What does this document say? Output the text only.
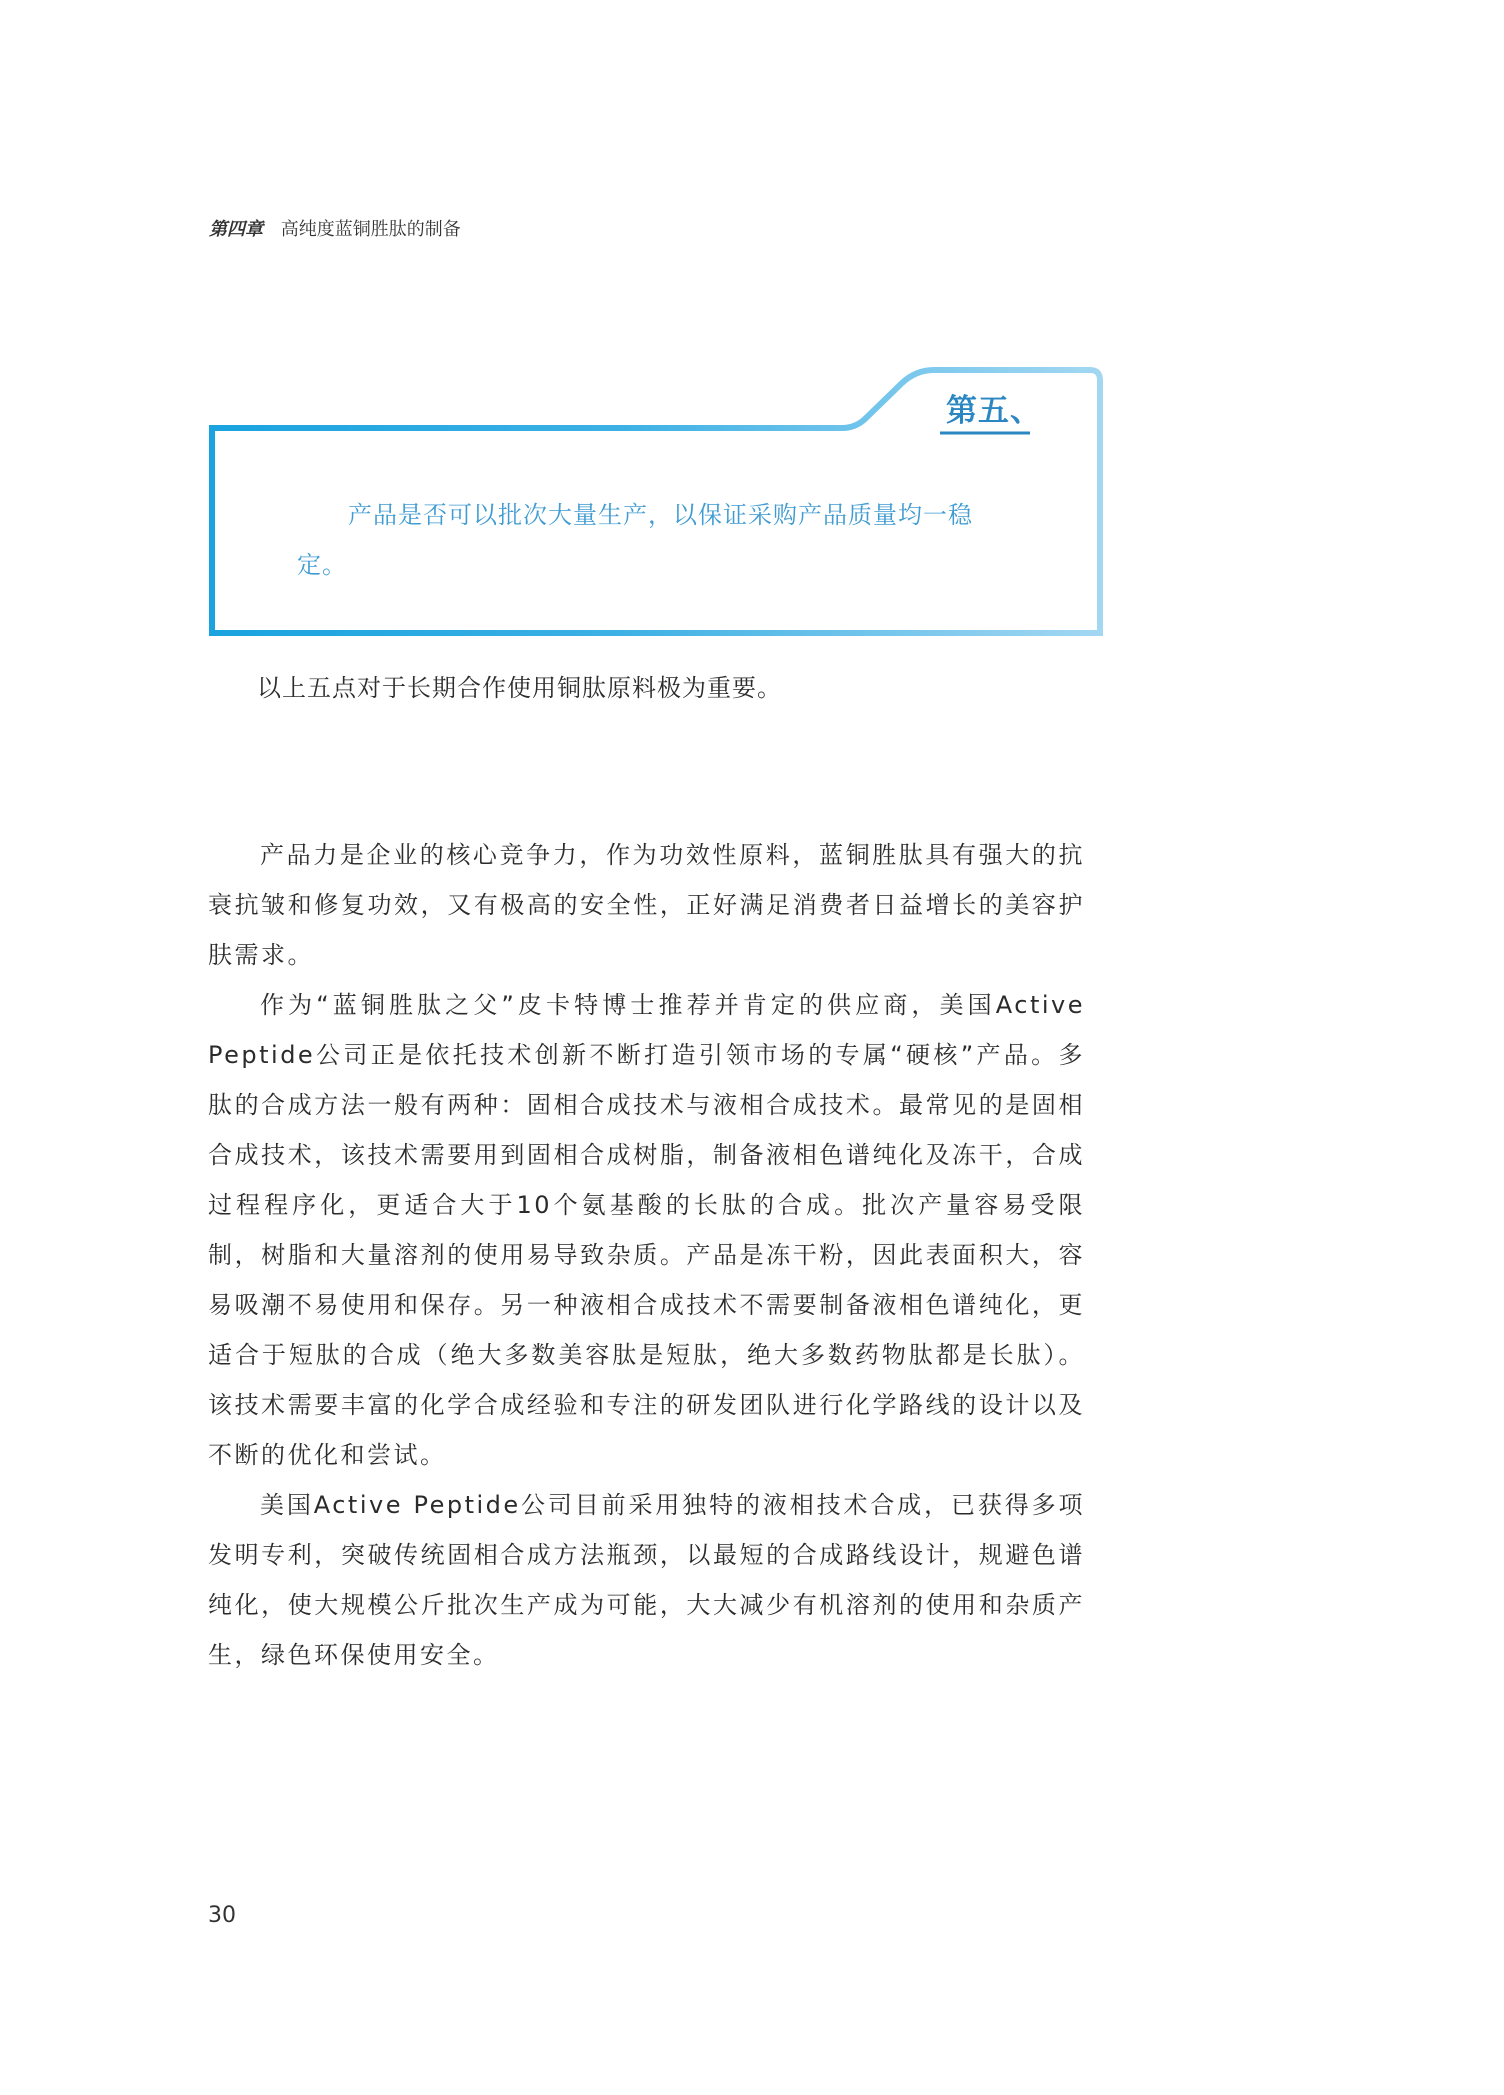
第四章 高纯度蓝铜胜肽的制备
第五、
产品是否可以批次大量生产，以保证采购产品质量均一稳定。
以上五点对于长期合作使用铜肽原料极为重要。

产品力是企业的核心竞争力，作为功效性原料，蓝铜胜肽具有强大的抗衰抗皱和修复功效，又有极高的安全性，正好满足消费者日益增长的美容护肤需求。

作为“蓝铜胜肽之父”皮卡特博士推荐并肯定的供应商，美国Active Peptide公司正是依托技术创新不断打造引领市场的专属“硬核”产品。多肽的合成方法一般有两种：固相合成技术与液相合成技术。最常见的是固相合成技术，该技术需要用到固相合成树脂，制备液相色谱纯化及冻干，合成过程程序化，更适合大于10个氨基酸的长肽的合成。批次产量容易受限制，树脂和大量溶剂的使用易导致杂质。产品是冻干粉，因此表面积大，容易吸潮不易使用和保存。另一种液相合成技术不需要制备液相色谱纯化，更适合于短肽的合成（绝大多数美容肽是短肽，绝大多数药物肽都是长肽）。该技术需要丰富的化学合成经验和专注的研发团队进行化学路线的设计以及不断的优化和尝试。

美国Active Peptide公司目前采用独特的液相技术合成，已获得多项发明专利，突破传统固相合成方法瓶颈，以最短的合成路线设计，规避色谱纯化，使大规模公斤批次生产成为可能，大大减少有机溶剂的使用和杂质产生，绿色环保使用安全。

30
